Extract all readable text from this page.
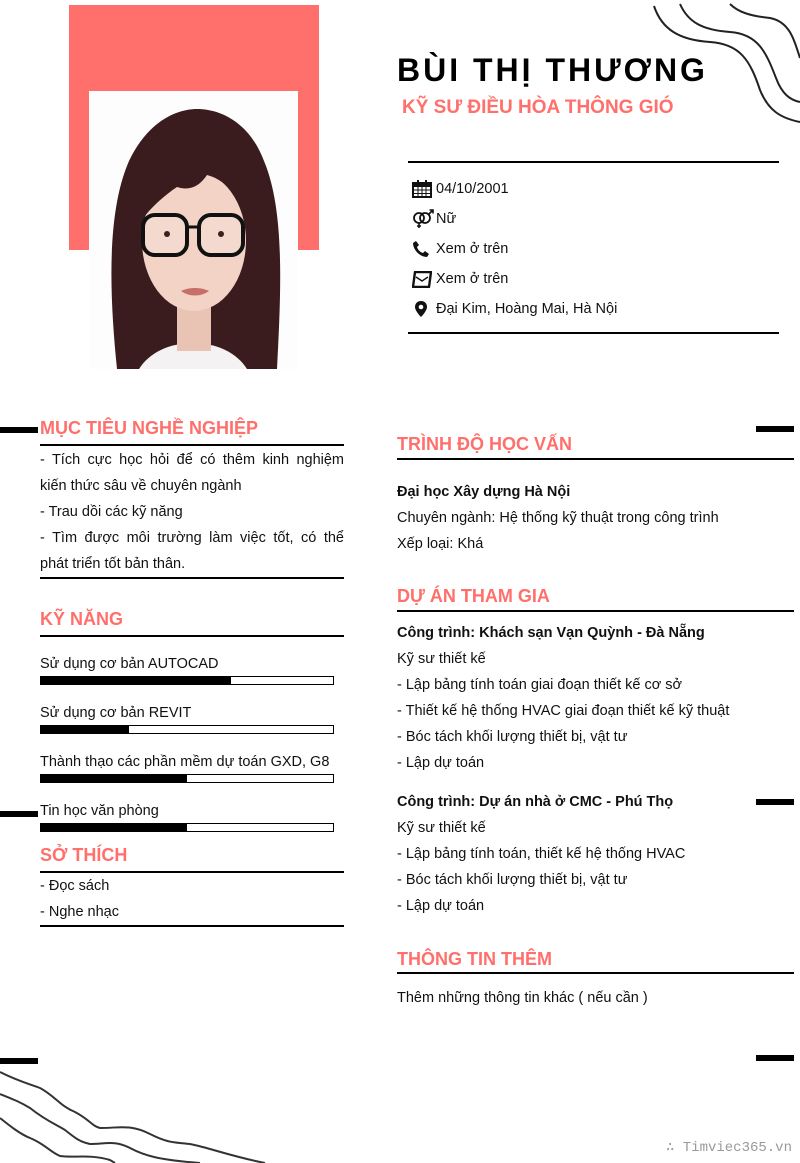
BÙI THỊ THƯƠNG
KỸ SƯ ĐIỀU HÒA THÔNG GIÓ
04/10/2001
Nữ
Xem ở trên
Xem ở trên
Đại Kim, Hoàng Mai, Hà Nội
MỤC TIÊU NGHỀ NGHIỆP
- Tích cực học hỏi để có thêm kinh nghiệm kiến thức sâu về chuyên ngành
- Trau dồi các kỹ năng
- Tìm được môi trường làm việc tốt, có thể phát triển tốt bản thân.
KỸ NĂNG
Sử dụng cơ bản AUTOCAD
Sử dụng cơ bản REVIT
Thành thạo các phần mềm dự toán GXD, G8
Tin học văn phòng
SỞ THÍCH
- Đọc sách
- Nghe nhạc
TRÌNH ĐỘ HỌC VẤN
Đại học Xây dựng Hà Nội
Chuyên ngành: Hệ thống kỹ thuật trong công trình
Xếp loại: Khá
DỰ ÁN THAM GIA
Công trình: Khách sạn Vạn Quỳnh - Đà Nẵng
Kỹ sư thiết kế
- Lập bảng tính toán giai đoạn thiết kế cơ sở
- Thiết kế hệ thống HVAC giai đoạn thiết kế kỹ thuật
- Bóc tách khối lượng thiết bị, vật tư
- Lập dự toán
Công trình: Dự án nhà ở CMC - Phú Thọ
Kỹ sư thiết kế
- Lập bảng tính toán, thiết kế hệ thống HVAC
- Bóc tách khối lượng thiết bị, vật tư
- Lập dự toán
THÔNG TIN THÊM
Thêm những thông tin khác ( nếu cần )
∴ Timviec365.vn
